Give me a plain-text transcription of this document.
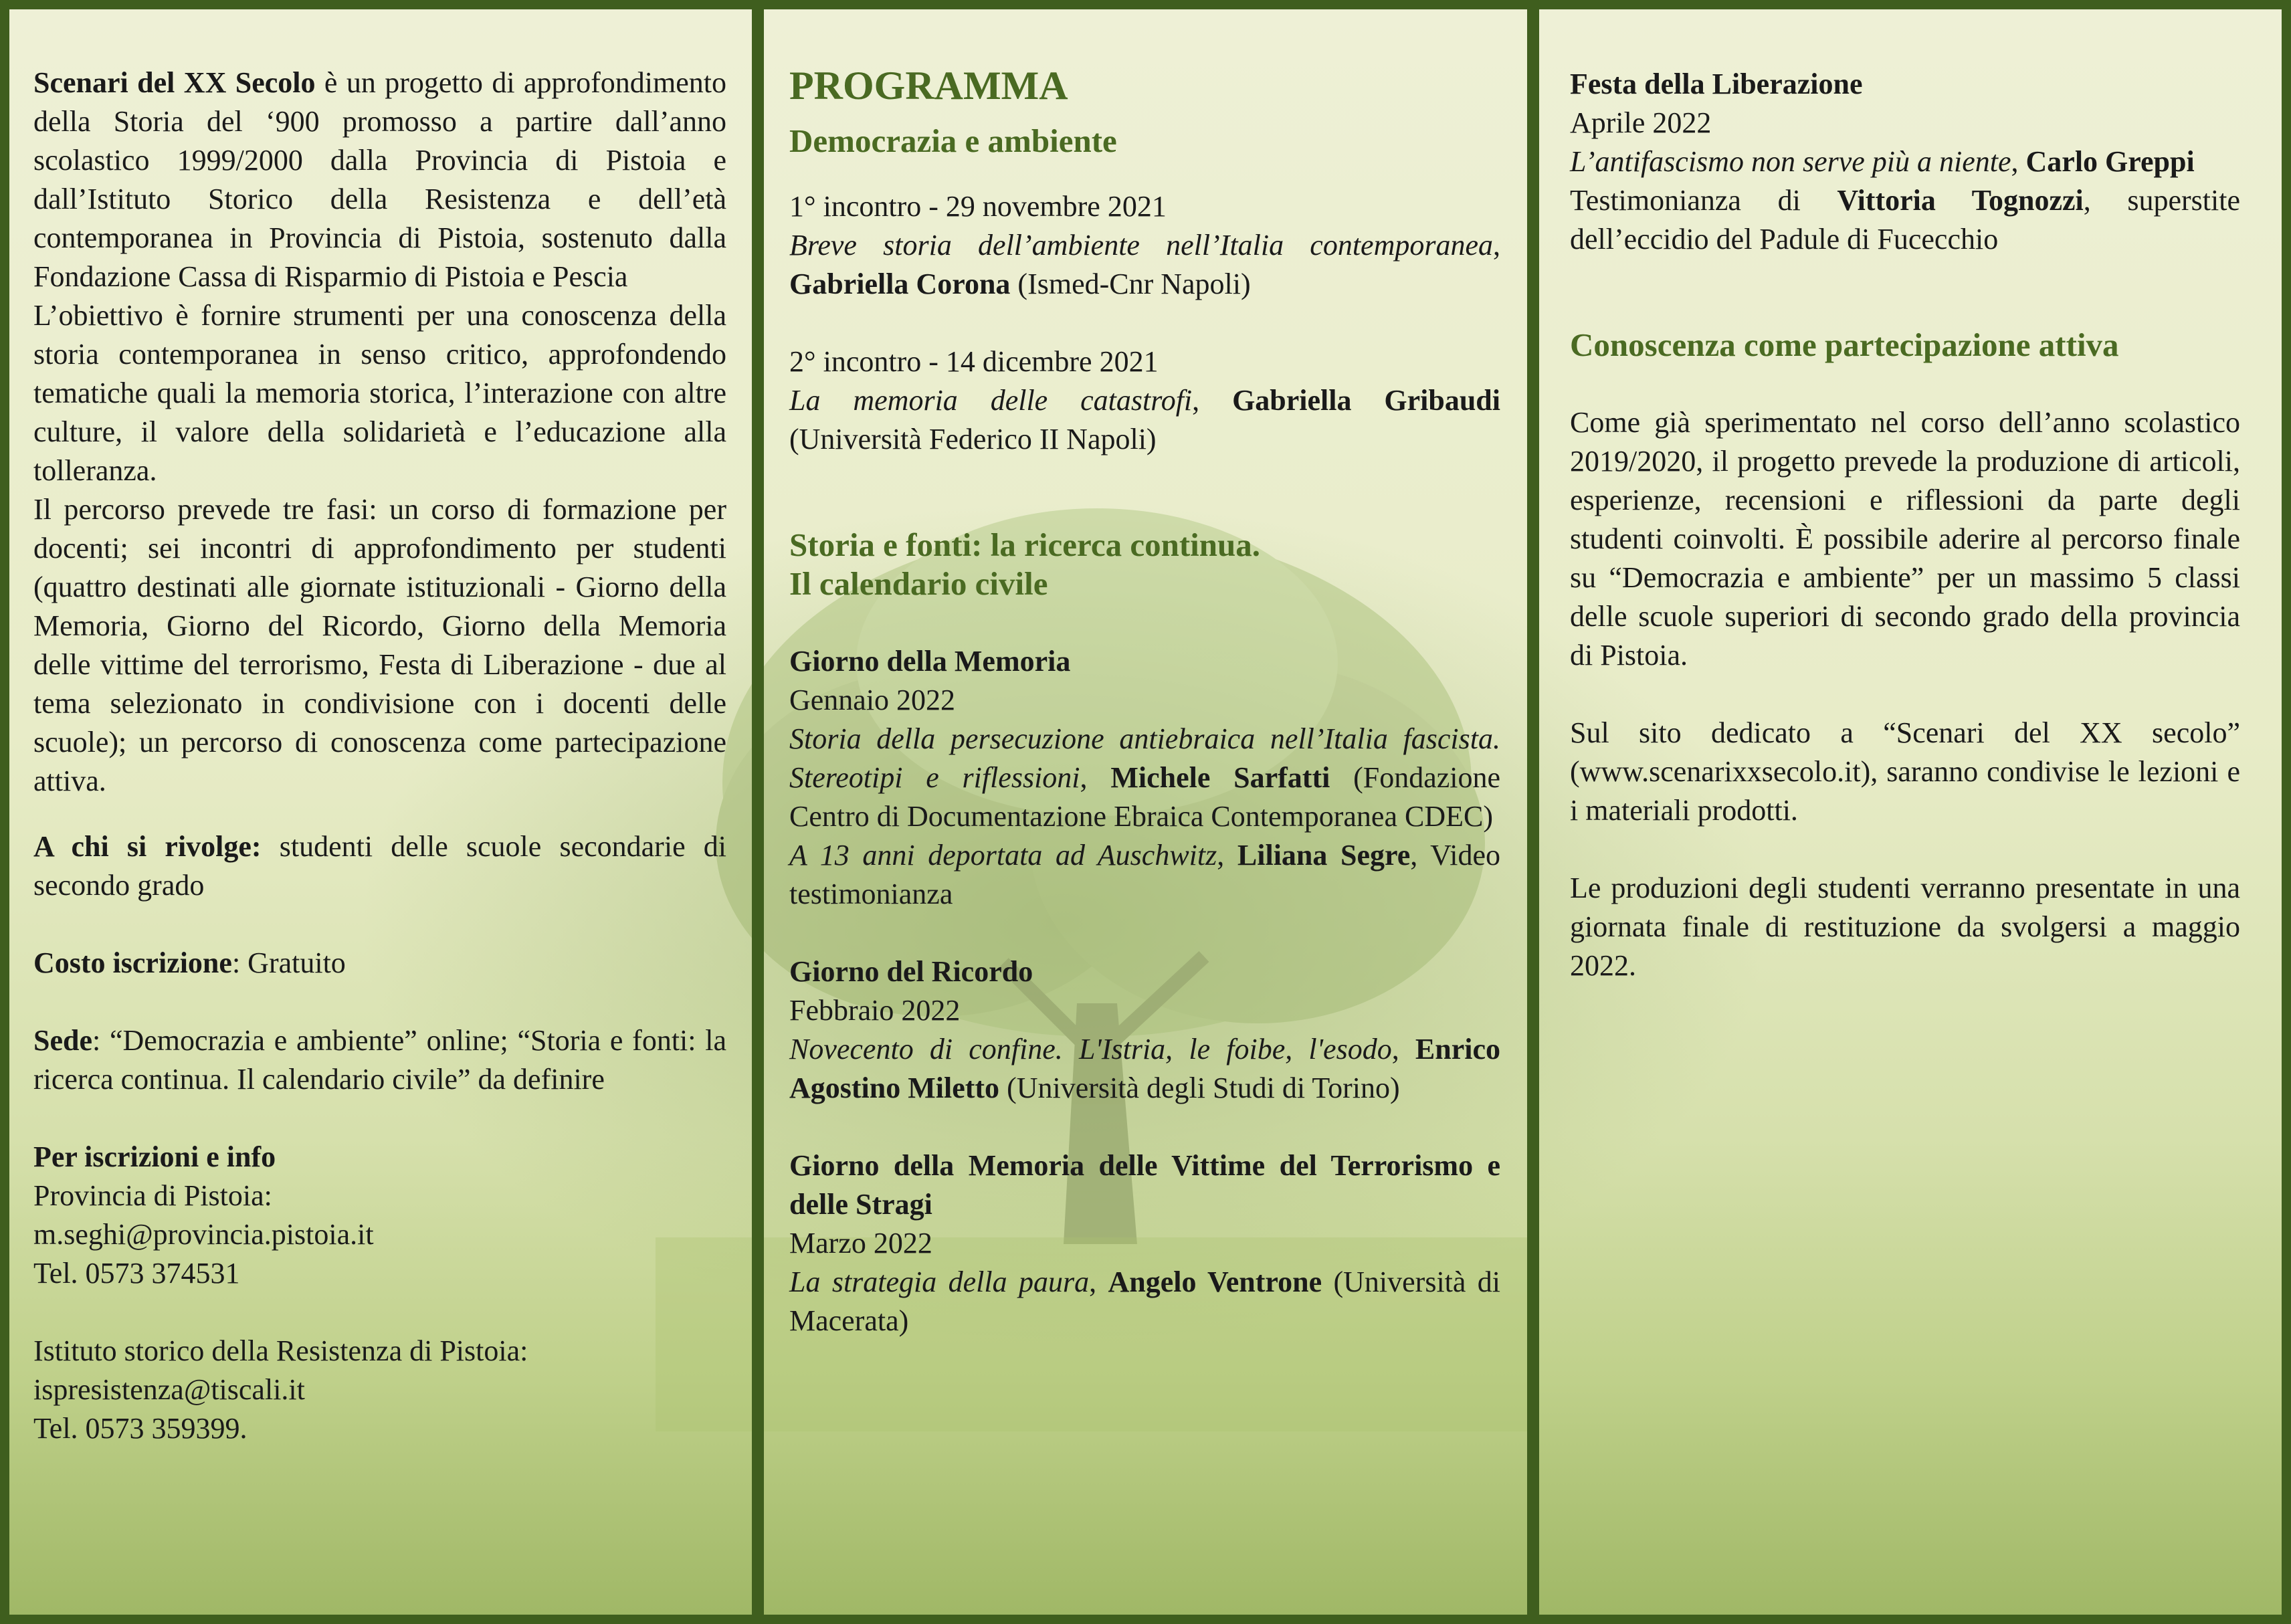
Scenari del XX Secolo è un progetto di approfondimento della Storia del ‘900 promosso a partire dall’anno scolastico 1999/2000 dalla Provincia di Pistoia e dall’Istituto Storico della Resistenza e dell’età contemporanea in Provincia di Pistoia, sostenuto dalla Fondazione Cassa di Risparmio di Pistoia e Pescia

L’obiettivo è fornire strumenti per una conoscenza della storia contemporanea in senso critico, approfondendo tematiche quali la memoria storica, l’interazione con altre culture, il valore della solidarietà e l’educazione alla tolleranza.

Il percorso prevede tre fasi: un corso di formazione per docenti; sei incontri di approfondimento per studenti (quattro destinati alle giornate istituzionali - Giorno della Memoria, Giorno del Ricordo, Giorno della Memoria delle vittime del terrorismo, Festa di Liberazione - due al tema selezionato in condivisione con i docenti delle scuole); un percorso di conoscenza come partecipazione attiva.

A chi si rivolge: studenti delle scuole secondarie di secondo grado

Costo iscrizione: Gratuito

Sede: “Democrazia e ambiente” online; “Storia e fonti: la ricerca continua. Il calendario civile” da definire

Per iscrizioni e info

Provincia di Pistoia:

m.seghi@provincia.pistoia.it

Tel. 0573 374531

Istituto storico della Resistenza di Pistoia:

ispresistenza@tiscali.it

Tel. 0573 359399.

PROGRAMMA

Democrazia e ambiente

1° incontro - 29 novembre 2021

Breve storia dell’ambiente nell’Italia contemporanea, Gabriella Corona (Ismed-Cnr Napoli)

2° incontro - 14 dicembre 2021

La memoria delle catastrofi, Gabriella Gribaudi (Università Federico II Napoli)

Storia e fonti: la ricerca continua.

Il calendario civile

Giorno della Memoria

Gennaio 2022

Storia della persecuzione antiebraica nell’Italia fascista. Stereotipi e riflessioni, Michele Sarfatti (Fondazione Centro di Documentazione Ebraica Contemporanea CDEC)

A 13 anni deportata ad Auschwitz, Liliana Segre, Video testimonianza

Giorno del Ricordo

Febbraio 2022

Novecento di confine. L'Istria, le foibe, l'esodo, Enrico Agostino Miletto (Università degli Studi di Torino)

Giorno della Memoria delle Vittime del Terrorismo e delle Stragi

Marzo 2022

La strategia della paura, Angelo Ventrone (Università di Macerata)

Festa della Liberazione

Aprile 2022

L’antifascismo non serve più a niente, Carlo Greppi

Testimonianza di Vittoria Tognozzi, superstite dell’eccidio del Padule di Fucecchio

Conoscenza come partecipazione attiva

Come già sperimentato nel corso dell’anno scolastico 2019/2020, il progetto prevede la produzione di articoli, esperienze, recensioni e riflessioni da parte degli studenti coinvolti. È possibile aderire al percorso finale su “Democrazia e ambiente” per un massimo 5 classi delle scuole superiori di secondo grado della provincia di Pistoia.

Sul sito dedicato a “Scenari del XX secolo” (www.scenarixxsecolo.it), saranno condivise le lezioni e i materiali prodotti.

Le produzioni degli studenti verranno presentate in una giornata finale di restituzione da svolgersi a maggio 2022.
